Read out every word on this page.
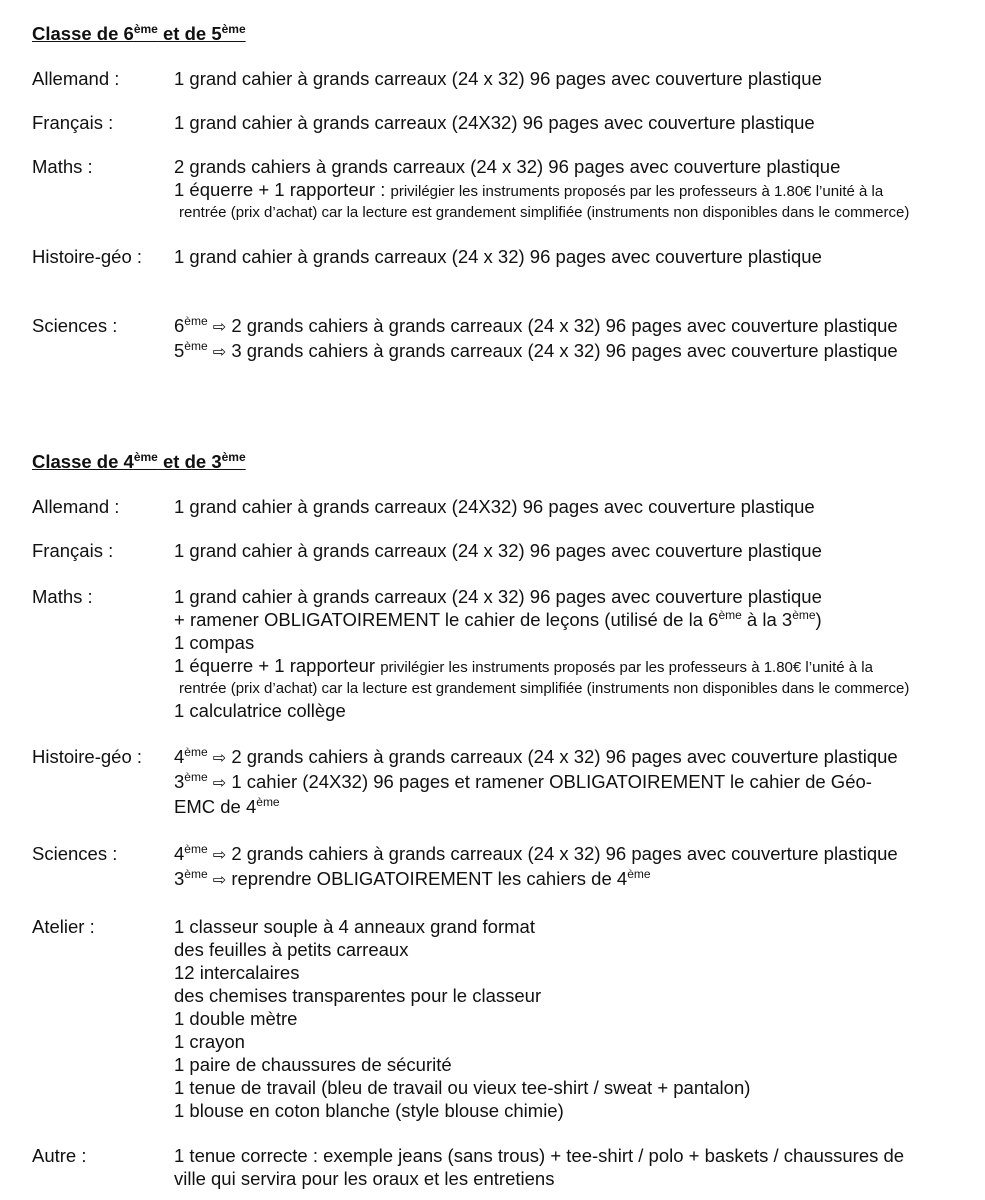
Classe de 6ème et de 5ème
Allemand :	1 grand cahier à grands carreaux (24 x 32) 96 pages avec couverture plastique
Français :	1 grand cahier à grands carreaux (24X32) 96 pages avec couverture plastique
Maths :	2 grands cahiers à grands carreaux (24 x 32) 96 pages avec couverture plastique
1 équerre + 1 rapporteur : privilégier les instruments proposés par les professeurs à 1.80€ l’unité à la
rentrée (prix d’achat) car la lecture est grandement simplifiée (instruments non disponibles dans le commerce)
Histoire-géo :	1 grand cahier à grands carreaux (24 x 32) 96 pages avec couverture plastique
Sciences :	6ème ⇨ 2 grands cahiers à grands carreaux (24 x 32) 96 pages avec couverture plastique
5ème ⇨ 3 grands cahiers à grands carreaux (24 x 32) 96 pages avec couverture plastique
Classe de 4ème et de 3ème
Allemand :	1 grand cahier à grands carreaux (24X32) 96 pages avec couverture plastique
Français :	1 grand cahier à grands carreaux (24 x 32) 96 pages avec couverture plastique
Maths :	1 grand cahier à grands carreaux (24 x 32) 96 pages avec couverture plastique
+ ramener OBLIGATOIREMENT le cahier de leçons (utilisé de la 6ème à la 3ème)
1 compas
1 équerre + 1 rapporteur privilégier les instruments proposés par les professeurs à 1.80€ l’unité à la
rentrée (prix d’achat) car la lecture est grandement simplifiée (instruments non disponibles dans le commerce)
1 calculatrice collège
Histoire-géo :	4ème ⇨ 2 grands cahiers à grands carreaux (24 x 32) 96 pages avec couverture plastique
3ème ⇨ 1 cahier (24X32) 96 pages et ramener OBLIGATOIREMENT le cahier de Géo-
EMC de 4ème
Sciences :	4ème ⇨ 2 grands cahiers à grands carreaux (24 x 32) 96 pages avec couverture plastique
3ème ⇨ reprendre OBLIGATOIREMENT les cahiers de 4ème
Atelier :	1 classeur souple à 4 anneaux grand format
des feuilles à petits carreaux
12 intercalaires
des chemises transparentes pour le classeur
1 double mètre
1 crayon
1 paire de chaussures de sécurité
1 tenue de travail (bleu de travail ou vieux tee-shirt / sweat + pantalon)
1 blouse en coton blanche (style blouse chimie)
Autre :	1 tenue correcte : exemple jeans (sans trous) + tee-shirt / polo + baskets / chaussures de
ville qui servira pour les oraux et les entretiens
